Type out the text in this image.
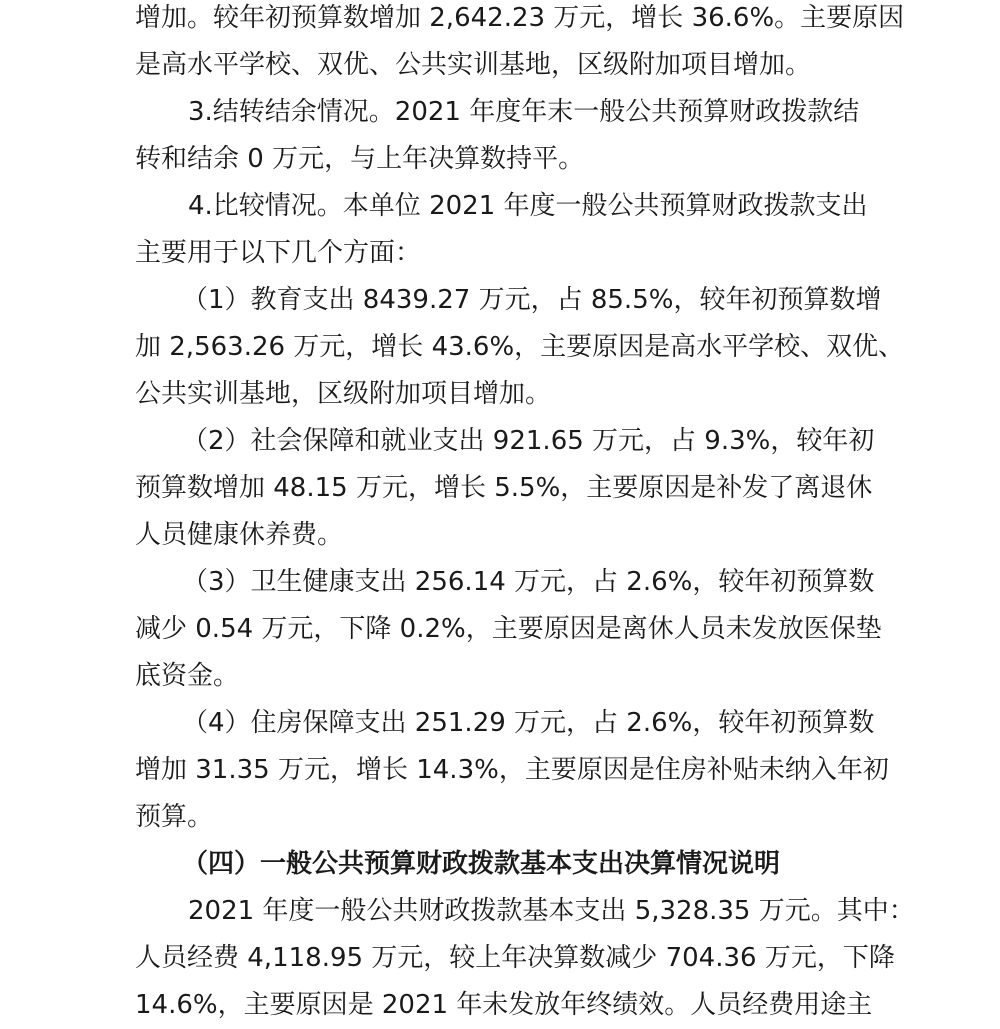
增加。较年初预算数增加 2,642.23 万元，增长 36.6%。主要原因
是高水平学校、双优、公共实训基地，区级附加项目增加。
3.结转结余情况。2021 年度年末一般公共预算财政拨款结
转和结余 0 万元，与上年决算数持平。
4.比较情况。本单位 2021 年度一般公共预算财政拨款支出
主要用于以下几个方面：
（1）教育支出 8439.27 万元，占 85.5%，较年初预算数增
加 2,563.26 万元，增长 43.6%，主要原因是高水平学校、双优、
公共实训基地，区级附加项目增加。
（2）社会保障和就业支出 921.65 万元，占 9.3%，较年初
预算数增加 48.15 万元，增长 5.5%，主要原因是补发了离退休
人员健康休养费。
（3）卫生健康支出 256.14 万元，占 2.6%，较年初预算数
减少 0.54 万元，下降 0.2%，主要原因是离休人员未发放医保垫
底资金。
（4）住房保障支出 251.29 万元，占 2.6%，较年初预算数
增加 31.35 万元，增长 14.3%，主要原因是住房补贴未纳入年初
预算。
（四）一般公共预算财政拨款基本支出决算情况说明
2021 年度一般公共财政拨款基本支出 5,328.35 万元。其中：
人员经费 4,118.95 万元，较上年决算数减少 704.36 万元，下降
14.6%，主要原因是 2021 年未发放年终绩效。人员经费用途主
